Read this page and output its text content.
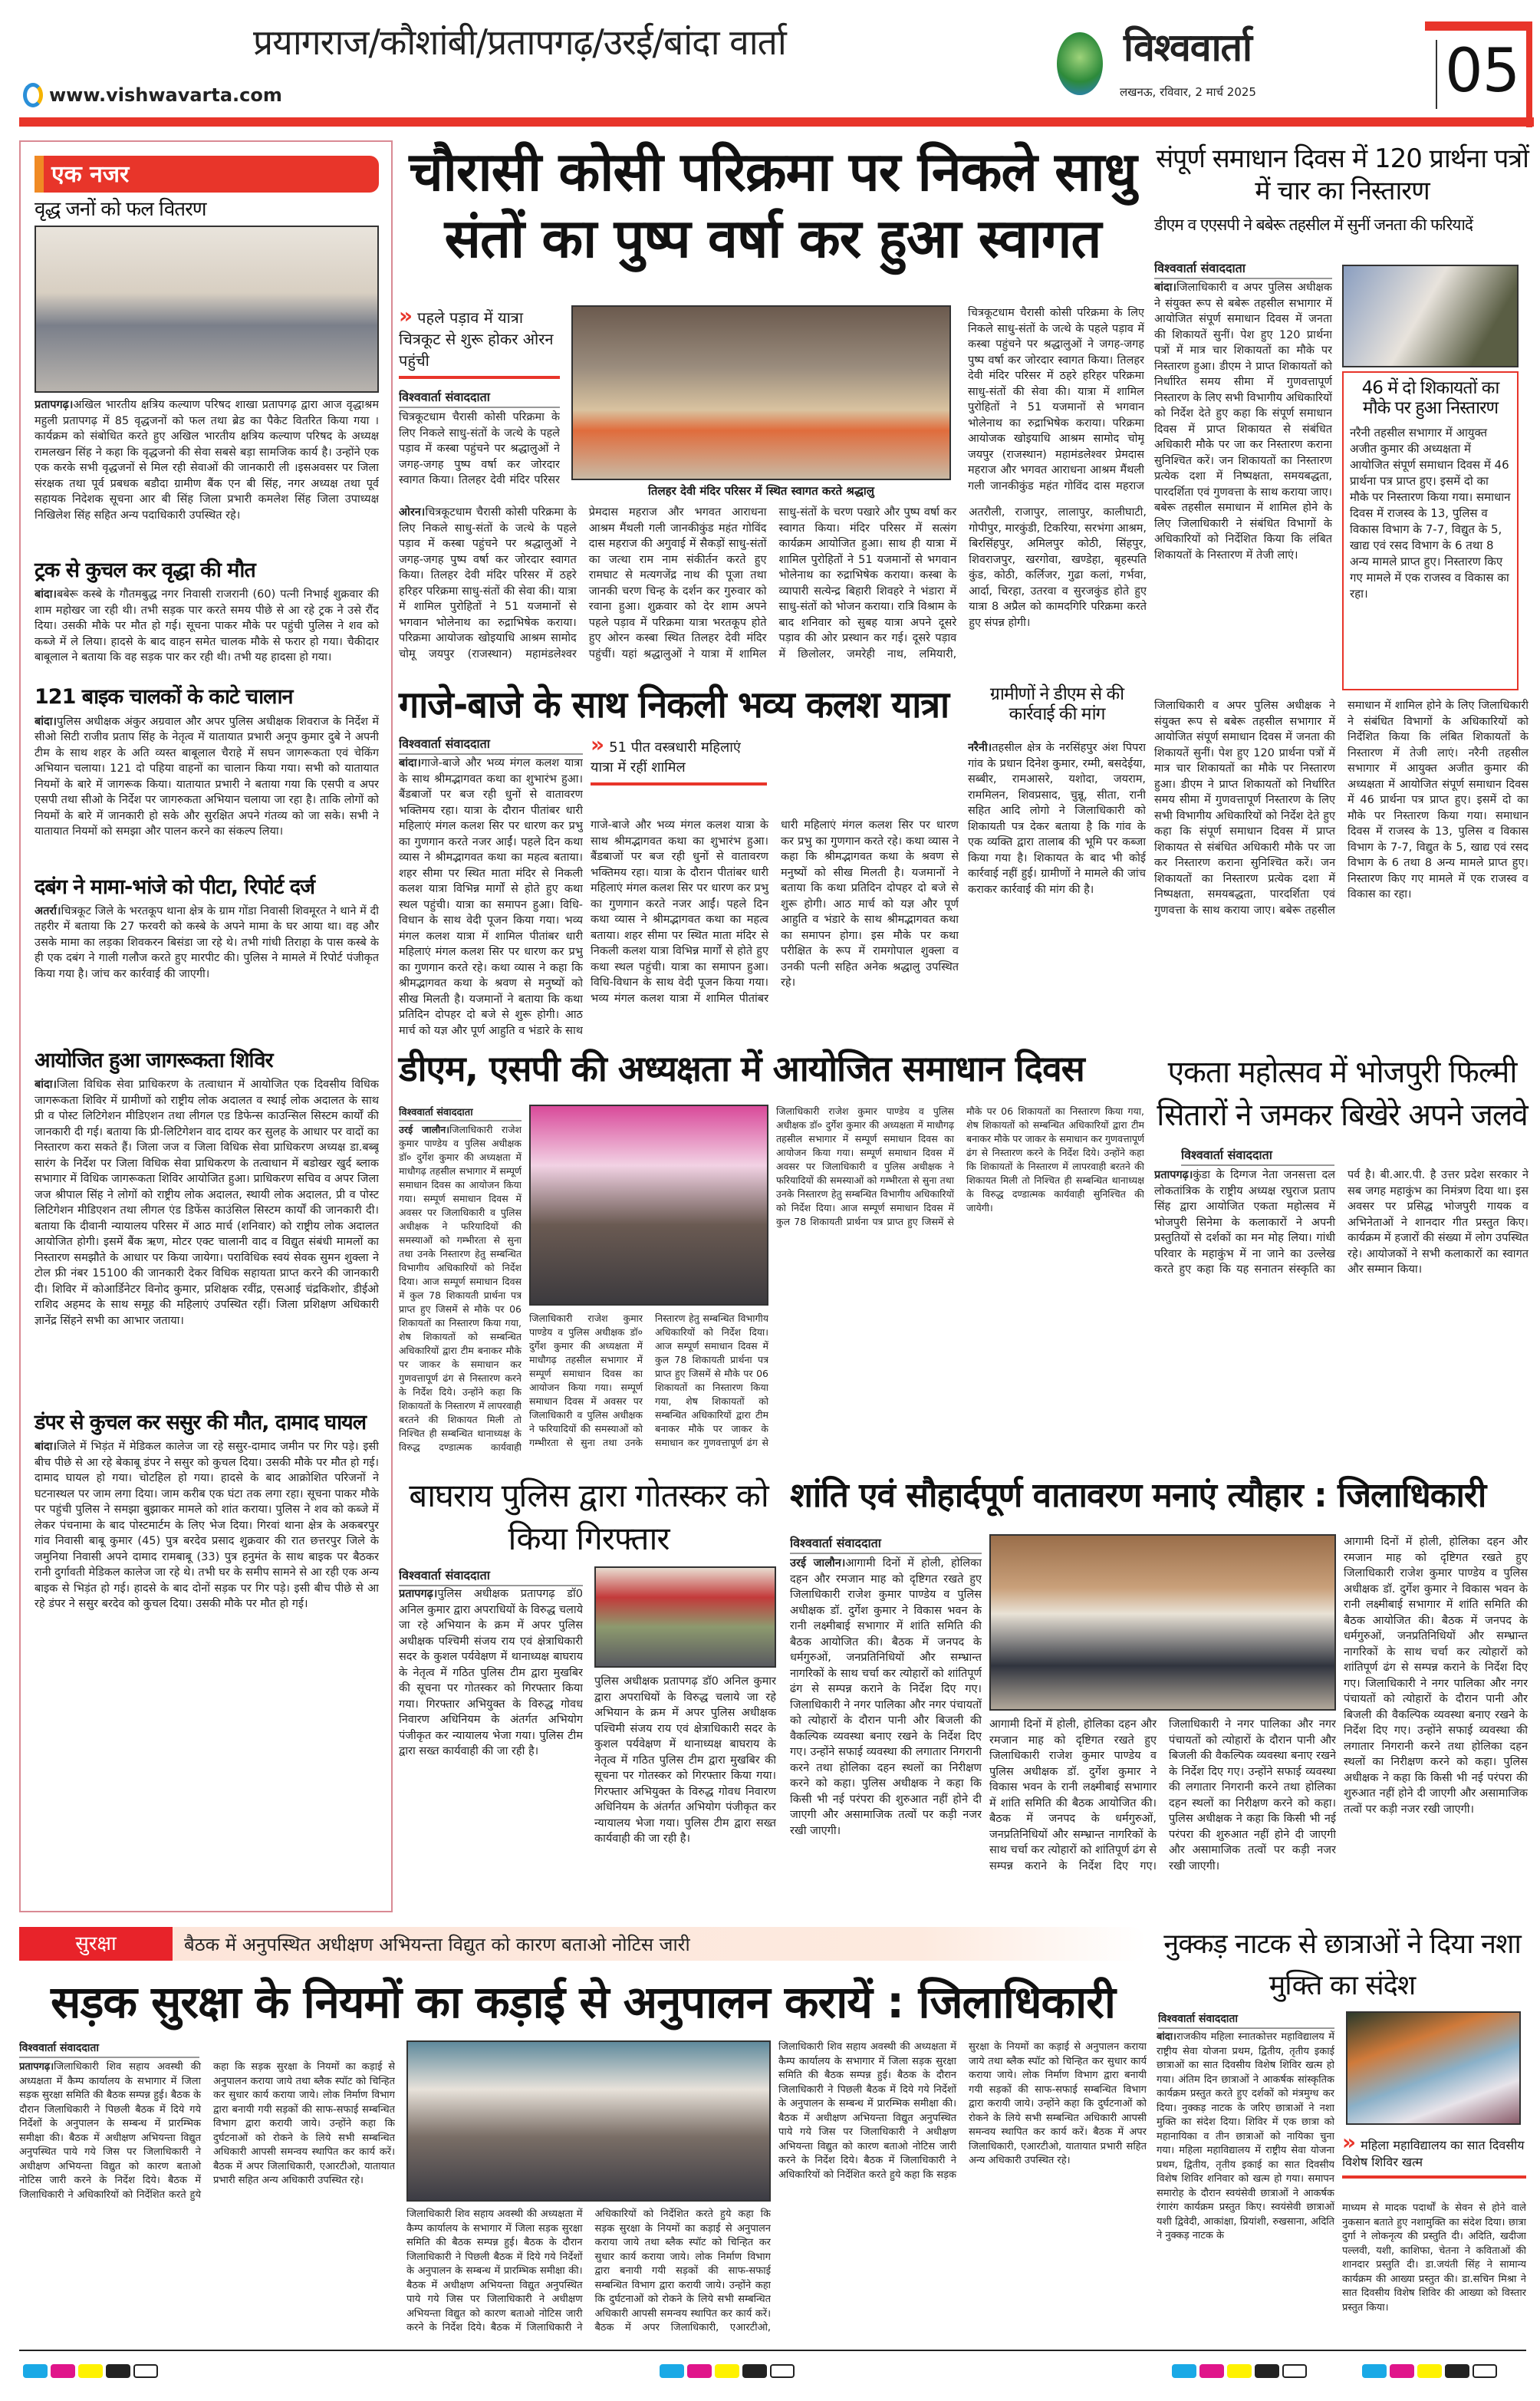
www.vishwavarta.com
प्रयागराज/कौशांबी/प्रतापगढ़/उरई/बांदा वार्ता	विश्ववार्ता
लखनऊ, रविवार, 2 मार्च 2025	05
एक नजर
वृद्ध जनों को फल वितरण
प्रतापगढ़।अखिल भारतीय क्षत्रिय कल्याण परिषद शाखा प्रतापगढ़ द्वारा आज वृद्धाश्रम महुली प्रतापगढ़ में 85 वृद्धजनों को फल तथा ब्रेड का पैकेट वितरित किया गया ।कार्यक्रम को संबोधित करते हुए अखिल भारतीय क्षत्रिय कल्याण परिषद के अध्यक्ष रामलखन सिंह ने कहा कि वृद्धजनो की सेवा सबसे बड़ा सामजिक कार्य है। उन्होंने एक एक करके सभी वृद्धजनों से मिल रही सेवाओं की जानकारी ली ।इसअवसर पर जिला संरक्षक तथा पूर्व प्रबधक बडौदा ग्रामीण बैंक एन बी सिंह, नगर अध्यक्ष तथा पूर्व सहायक निदेशक सूचना आर बी सिंह जिला प्रभारी कमलेश सिंह जिला उपाध्यक्ष निखिलेश सिंह सहित अन्य पदाधिकारी उपस्थित रहे।
ट्रक से कुचल कर वृद्धा की मौत
बांदा।बबेरू कस्बे के गौतमबुद्ध नगर निवासी राजरानी (60) पत्नी निभाई शुक्रवार की शाम महोखर जा रही थी। तभी सड़क पार करते समय पीछे से आ रहे ट्रक ने उसे रौंद दिया। उसकी मौके पर मौत हो गई। सूचना पाकर मौके पर पहुंची पुलिस ने शव को कब्जे में ले लिया। हादसे के बाद वाहन समेत चालक मौके से फरार हो गया। चैकीदार बाबूलाल ने बताया कि वह सड़क पार कर रही थी। तभी यह हादसा हो गया।
121 बाइक चालकों के काटे चालान
बांदा।पुलिस अधीक्षक अंकुर अग्रवाल और अपर पुलिस अधीक्षक शिवराज के निर्देश में सीओ सिटी राजीव प्रताप सिंह के नेतृत्व में यातायात प्रभारी अनूप कुमार दुबे ने अपनी टीम के साथ शहर के अति व्यस्त बाबूलाल चैराहे में सघन जागरूकता एवं चेकिंग अभियान चलाया। 121 दो पहिया वाहनों का चालान किया गया। सभी को यातायात नियमों के बारे में जागरूक किया। यातायात प्रभारी ने बताया गया कि एसपी व अपर एसपी तथा सीओ के निर्देश पर जागरुकता अभियान चलाया जा रहा है। ताकि लोगों को नियमों के बारे में जानकारी हो सके और सुरक्षित अपने गंतव्य को जा सके। सभी ने यातायात नियमों को समझा और पालन करने का संकल्प लिया।
दबंग ने मामा-भांजे को पीटा, रिपोर्ट दर्ज
अतर्रा।चित्रकूट जिले के भरतकूप थाना क्षेत्र के ग्राम गोंडा निवासी शिवमूरत ने थाने में दी तहरीर में बताया कि 27 फरवरी को कस्बे के अपने मामा के घर आया था। वह और उसके मामा का लड़का शिवकरन बिसंडा जा रहे थे। तभी गांधी तिराहा के पास कस्बे के ही एक दबंग ने गाली गलौज करते हुए मारपीट की। पुलिस ने मामले में रिपोर्ट पंजीकृत किया गया है। जांच कर कार्रवाई की जाएगी।
आयोजित हुआ जागरूकता शिविर
बांदा।जिला विधिक सेवा प्राधिकरण के तत्वाधान में आयोजित एक दिवसीय विधिक जागरूकता शिविर में ग्रामीणों को राष्ट्रीय लोक अदालत व स्थाई लोक अदालत के साथ प्री व पोस्ट लिटिगेशन मीडिएशन तथा लीगल एड डिफेन्स काउन्सिल सिस्टम कार्यों की जानकारी दी गई। बताया कि प्री-लिटिगेशन वाद दायर कर सुलह के आधार पर वादों का निस्तारण करा सकते हैं। जिला जज व जिला विधिक सेवा प्राधिकरण अध्यक्ष डा.बब्बू सारंग के निर्देश पर जिला विधिक सेवा प्राधिकरण के तत्वाधान में बडोखर खुर्द ब्लाक सभागार में विधिक जागरूकता शिविर आयोजित हुआ। प्राधिकरण सचिव व अपर जिला जज श्रीपाल सिंह ने लोगों को राष्ट्रीय लोक अदालत, स्थायी लोक अदालत, प्री व पोस्ट लिटिगेशन मीडिएशन तथा लीगल एंड डिफेंस काउंसिल सिस्टम कार्यों की जानकारी दी। बताया कि दीवानी न्यायालय परिसर में आठ मार्च (शनिवार) को राष्ट्रीय लोक अदालत आयोजित होगी। इसमें बैंक ऋण, मोटर एक्ट चालानी वाद व विद्युत संबंधी मामलों का निस्तारण समझौते के आधार पर किया जायेगा। पराविधिक स्वयं सेवक सुमन शुक्ला ने टोल फ्री नंबर 15100 की जानकारी देकर विधिक सहायता प्राप्त करने की जानकारी दी। शिविर में कोआर्डिनेटर विनोद कुमार, प्रशिक्षक रवींद्र, एसआई चंद्रकिशोर, डीईओ राशिद अहमद के साथ समूह की महिलाएं उपस्थित रहीं। जिला प्रशिक्षण अधिकारी ज्ञानेंद्र सिंहने सभी का आभार जताया।
डंपर से कुचल कर ससुर की मौत, दामाद घायल
बांदा।जिले में भिड़ंत में मेडिकल कालेज जा रहे ससुर-दामाद जमीन पर गिर पड़े। इसी बीच पीछे से आ रहे बेकाबू डंपर ने ससुर को कुचल दिया। उसकी मौके पर मौत हो गई। दामाद घायल हो गया। चोटहिल हो गया। हादसे के बाद आक्रोशित परिजनों ने घटनास्थल पर जाम लगा दिया। जाम करीब एक घंटा तक लगा रहा। सूचना पाकर मौके पर पहुंची पुलिस ने समझा बुझाकर मामले को शांत कराया। पुलिस ने शव को कब्जे में लेकर पंचनामा के बाद पोस्टमार्टम के लिए भेज दिया। गिरवां थाना क्षेत्र के अकबरपुर गांव निवासी बाबू कुमार (45) पुत्र बरदेव प्रसाद शुक्रवार की रात छत्तरपुर जिले के जमुनिया निवासी अपने दामाद रामबाबू (33) पुत्र हनुमंत के साथ बाइक पर बैठकर रानी दुर्गावती मेडिकल कालेज जा रहे थे। तभी घर के समीप सामने से आ रही एक अन्य बाइक से भिड़ंत हो गई। हादसे के बाद दोनों सड़क पर गिर पड़े। इसी बीच पीछे से आ रहे डंपर ने ससुर बरदेव को कुचल दिया। उसकी मौके पर मौत हो गई।
चौरासी कोसी परिक्रमा पर निकले साधु
संतों का पुष्प वर्षा कर हुआ स्वागत
» पहले पड़ाव में यात्रा चित्रकूट से शुरू होकर ओरन पहुंची
विश्ववार्ता संवाददाता
चित्रकूटधाम चैरासी कोसी परिक्रमा के लिए निकले साधु-संतों के जत्थे के पहले पड़ाव में कस्बा पहुंचने पर श्रद्धालुओं ने जगह-जगह पुष्प वर्षा कर जोरदार स्वागत किया। तिलहर देवी मंदिर परिसर
तिलहर देवी मंदिर परिसर में स्थित स्वागत करते श्रद्धालु
ओरन।चित्रकूटधाम चैरासी कोसी परिक्रमा के लिए निकले साधु-संतों के जत्थे के पहले पड़ाव में कस्बा पहुंचने पर श्रद्धालुओं ने जगह-जगह पुष्प वर्षा कर जोरदार स्वागत किया। तिलहर देवी मंदिर परिसर में ठहरे हरिहर परिक्रमा साधु-संतों की सेवा की। यात्रा में शामिल पुरोहितों ने 51 यजमानों से भगवान भोलेनाथ का रुद्राभिषेक कराया। परिक्रमा आयोजक खोइयाधि आश्रम सामोद चोमू जयपुर (राजस्थान) महामंडलेश्वर प्रेमदास महराज और भगवत आराधना आश्रम मैंथली गली जानकीकुंड महंत गोविंद दास महराज की अगुवाई में सैकड़ों साधु-संतों का जत्था राम नाम संकीर्तन करते हुए रामघाट से मत्यगजेंद्र नाथ की पूजा तथा जानकी चरण चिन्ह के दर्शन कर गुरुवार को रवाना हुआ। शुक्रवार को देर शाम अपने पहले पड़ाव में परिक्रमा यात्रा भरतकूप होते हुए ओरन कस्बा स्थित तिलहर देवी मंदिर पहुंचीं। यहां श्रद्धालुओं ने यात्रा में शामिल साधु-संतों के चरण पखारे और पुष्प वर्षा कर स्वागत किया। मंदिर परिसर में सत्संग कार्यक्रम आयोजित हुआ। साथ ही यात्रा में शामिल पुरोहितों ने 51 यजमानों से भगवान भोलेनाथ का रुद्राभिषेक कराया। कस्बा के व्यापारी सत्येन्द्र बिहारी शिवहरे ने भंडारा में साधु-संतों को भोजन कराया। रात्रि विश्राम के बाद शनिवार को सुबह यात्रा अपने दूसरे पड़ाव की ओर प्रस्थान कर गई। दूसरे पड़ाव में छिलोलर, जमरेही नाथ, लमियारी, अतरौली, राजापुर, लालापुर, कालीघाटी, गोपीपुर, मारकुंडी, टिकरिया, सरभंगा आश्रम, बिरसिंहपुर, अमिलपुर कोठी, सिंहपुर, शिवराजपुर, खरगोवा, खण्डेहा, बृहस्पति कुंड, कोठी, कर्लिजर, गुढा कलां, गर्भवा, आर्दा, चिरहा, उतरवा व सुरजकुंड होते हुए यात्रा 8 अप्रैल को कामदगिरि परिक्रमा करते हुए संपन्न होगी।
चित्रकूटधाम चैरासी कोसी परिक्रमा के लिए निकले साधु-संतों के जत्थे के पहले पड़ाव में कस्बा पहुंचने पर श्रद्धालुओं ने जगह-जगह पुष्प वर्षा कर जोरदार स्वागत किया। तिलहर देवी मंदिर परिसर में ठहरे हरिहर परिक्रमा साधु-संतों की सेवा की। यात्रा में शामिल पुरोहितों ने 51 यजमानों से भगवान भोलेनाथ का रुद्राभिषेक कराया। परिक्रमा आयोजक खोइयाधि आश्रम सामोद चोमू जयपुर (राजस्थान) महामंडलेश्वर प्रेमदास महराज और भगवत आराधना आश्रम मैंथली गली जानकीकुंड महंत गोविंद दास महराज
संपूर्ण समाधान दिवस में 120 प्रार्थना पत्रों में चार का निस्तारण
डीएम व एएसपी ने बबेरू तहसील में सुनीं जनता की फरियादें
विश्ववार्ता संवाददाता
बांदा।जिलाधिकारी व अपर पुलिस अधीक्षक ने संयुक्त रूप से बबेरू तहसील सभागार में आयोजित संपूर्ण समाधान दिवस में जनता की शिकायतें सुनीं। पेश हुए 120 प्रार्थना पत्रों में मात्र चार शिकायतों का मौके पर निस्तारण हुआ। डीएम ने प्राप्त शिकायतों को निर्धारित समय सीमा में गुणवत्तापूर्ण निस्तारण के लिए सभी विभागीय अधिकारियों को निर्देश देते हुए कहा कि संपूर्ण समाधान दिवस में प्राप्त शिकायत से संबंधित अधिकारी मौके पर जा कर निस्तारण कराना सुनिश्चित करें। जन शिकायतों का निस्तारण प्रत्येक दशा में निष्पक्षता, समयबद्धता, पारदर्शिता एवं गुणवत्ता के साथ कराया जाए। बबेरू तहसील समाधान में शामिल होने के लिए जिलाधिकारी ने संबंधित विभागों के अधिकारियों को निर्देशित किया कि लंबित शिकायतों के निस्तारण में तेजी लाएं।
46 में दो शिकायतों का मौके पर हुआ निस्तारण
नरैनी तहसील सभागार में आयुक्त अजीत कुमार की अध्यक्षता में आयोजित संपूर्ण समाधान दिवस में 46 प्रार्थना पत्र प्राप्त हुए। इसमें दो का मौके पर निस्तारण किया गया। समाधान दिवस में राजस्व के 13, पुलिस व विकास विभाग के 7-7, विद्युत के 5, खाद्य एवं रसद विभाग के 6 तथा 8 अन्य मामले प्राप्त हुए। निस्तारण किए गए मामले में एक राजस्व व विकास का रहा।
जिलाधिकारी व अपर पुलिस अधीक्षक ने संयुक्त रूप से बबेरू तहसील सभागार में आयोजित संपूर्ण समाधान दिवस में जनता की शिकायतें सुनीं। पेश हुए 120 प्रार्थना पत्रों में मात्र चार शिकायतों का मौके पर निस्तारण हुआ। डीएम ने प्राप्त शिकायतों को निर्धारित समय सीमा में गुणवत्तापूर्ण निस्तारण के लिए सभी विभागीय अधिकारियों को निर्देश देते हुए कहा कि संपूर्ण समाधान दिवस में प्राप्त शिकायत से संबंधित अधिकारी मौके पर जा कर निस्तारण कराना सुनिश्चित करें। जन शिकायतों का निस्तारण प्रत्येक दशा में निष्पक्षता, समयबद्धता, पारदर्शिता एवं गुणवत्ता के साथ कराया जाए। बबेरू तहसील समाधान में शामिल होने के लिए जिलाधिकारी ने संबंधित विभागों के अधिकारियों को निर्देशित किया कि लंबित शिकायतों के निस्तारण में तेजी लाएं। नरैनी तहसील सभागार में आयुक्त अजीत कुमार की अध्यक्षता में आयोजित संपूर्ण समाधान दिवस में 46 प्रार्थना पत्र प्राप्त हुए। इसमें दो का मौके पर निस्तारण किया गया। समाधान दिवस में राजस्व के 13, पुलिस व विकास विभाग के 7-7, विद्युत के 5, खाद्य एवं रसद विभाग के 6 तथा 8 अन्य मामले प्राप्त हुए। निस्तारण किए गए मामले में एक राजस्व व विकास का रहा।
गाजे-बाजे के साथ निकली भव्य कलश यात्रा
विश्ववार्ता संवाददाता	» 51 पीत वस्त्रधारी महिलाएं यात्रा में रहीं शामिल
बांदा।गाजे-बाजे और भव्य मंगल कलश यात्रा के साथ श्रीमद्भागवत कथा का शुभारंभ हुआ। बैंडबाजों पर बज रही धुनों से वातावरण भक्तिमय रहा। यात्रा के दौरान पीतांबर धारी महिलाएं मंगल कलश सिर पर धारण कर प्रभु का गुणगान करते नजर आईं। पहले दिन कथा व्यास ने श्रीमद्भागवत कथा का महत्व बताया। शहर सीमा पर स्थित माता मंदिर से निकली कलश यात्रा विभिन्न मार्गों से होते हुए कथा स्थल पहुंची। यात्रा का समापन हुआ। विधि-विधान के साथ वेदी पूजन किया गया। भव्य मंगल कलश यात्रा में शामिल पीतांबर धारी महिलाएं मंगल कलश सिर पर धारण कर प्रभु का गुणगान करते रहे। कथा व्यास ने कहा कि श्रीमद्भागवत कथा के श्रवण से मनुष्यों को सीख मिलती है। यजमानों ने बताया कि कथा प्रतिदिन दोपहर दो बजे से शुरू होगी। आठ मार्च को यज्ञ और पूर्ण आहुति व भंडारे के साथ
गाजे-बाजे और भव्य मंगल कलश यात्रा के साथ श्रीमद्भागवत कथा का शुभारंभ हुआ। बैंडबाजों पर बज रही धुनों से वातावरण भक्तिमय रहा। यात्रा के दौरान पीतांबर धारी महिलाएं मंगल कलश सिर पर धारण कर प्रभु का गुणगान करते नजर आईं। पहले दिन कथा व्यास ने श्रीमद्भागवत कथा का महत्व बताया। शहर सीमा पर स्थित माता मंदिर से निकली कलश यात्रा विभिन्न मार्गों से होते हुए कथा स्थल पहुंची। यात्रा का समापन हुआ। विधि-विधान के साथ वेदी पूजन किया गया। भव्य मंगल कलश यात्रा में शामिल पीतांबर धारी महिलाएं मंगल कलश सिर पर धारण कर प्रभु का गुणगान करते रहे। कथा व्यास ने कहा कि श्रीमद्भागवत कथा के श्रवण से मनुष्यों को सीख मिलती है। यजमानों ने बताया कि कथा प्रतिदिन दोपहर दो बजे से शुरू होगी। आठ मार्च को यज्ञ और पूर्ण आहुति व भंडारे के साथ श्रीमद्भागवत कथा का समापन होगा। इस मौके पर कथा परीक्षित के रूप में रामगोपाल शुक्ला व उनकी पत्नी सहित अनेक श्रद्धालु उपस्थित रहे।
ग्रामीणों ने डीएम से की कार्रवाई की मांग
नरैनी।तहसील क्षेत्र के नरसिंहपुर अंश पिपरा गांव के प्रधान दिनेश कुमार, रम्मी, बसदेईया, सब्बीर, रामआसरे, यशोदा, जयराम, राममिलन, शिवप्रसाद, चुन्नू, सीता, रानी सहित आदि लोगो ने जिलाधिकारी को शिकायती पत्र देकर बताया है कि गांव के एक व्यक्ति द्वारा तालाब की भूमि पर कब्जा किया गया है। शिकायत के बाद भी कोई कार्रवाई नहीं हुई। ग्रामीणों ने मामले की जांच कराकर कार्रवाई की मांग की है।
डीएम, एसपी की अध्यक्षता में आयोजित समाधान दिवस
विश्ववार्ता संवाददाता
उरई जालौन।जिलाधिकारी राजेश कुमार पाण्डेय व पुलिस अधीक्षक डॉ० दुर्गेश कुमार की अध्यक्षता में माधौगढ़ तहसील सभागार में सम्पूर्ण समाधान दिवस का आयोजन किया गया। सम्पूर्ण समाधान दिवस में अवसर पर जिलाधिकारी व पुलिस अधीक्षक ने फरियादियों की समस्याओं को गम्भीरता से सुना तथा उनके निस्तारण हेतु सम्बन्धित विभागीय अधिकारियों को निर्देश दिया। आज सम्पूर्ण समाधान दिवस में कुल 78 शिकायती प्रार्थना पत्र प्राप्त हुए जिसमें से मौके पर 06 शिकायतों का निस्तारण किया गया, शेष शिकायतों को सम्बन्धित अधिकारियों द्वारा टीम बनाकर मौके पर जाकर के समाधान कर गुणवत्तापूर्ण ढंग से निस्तारण करने के निर्देश दिये। उन्होंने कहा कि शिकायतों के निस्तारण में लापरवाही बरतने की शिकायत मिली तो निश्चित ही सम्बन्धित थानाध्यक्ष के विरुद्ध दण्डात्मक कार्यवाही
जिलाधिकारी राजेश कुमार पाण्डेय व पुलिस अधीक्षक डॉ० दुर्गेश कुमार की अध्यक्षता में माधौगढ़ तहसील सभागार में सम्पूर्ण समाधान दिवस का आयोजन किया गया। सम्पूर्ण समाधान दिवस में अवसर पर जिलाधिकारी व पुलिस अधीक्षक ने फरियादियों की समस्याओं को गम्भीरता से सुना तथा उनके निस्तारण हेतु सम्बन्धित विभागीय अधिकारियों को निर्देश दिया। आज सम्पूर्ण समाधान दिवस में कुल 78 शिकायती प्रार्थना पत्र प्राप्त हुए जिसमें से मौके पर 06 शिकायतों का निस्तारण किया गया, शेष शिकायतों को सम्बन्धित अधिकारियों द्वारा टीम बनाकर मौके पर जाकर के समाधान कर गुणवत्तापूर्ण ढंग से
जिलाधिकारी राजेश कुमार पाण्डेय व पुलिस अधीक्षक डॉ० दुर्गेश कुमार की अध्यक्षता में माधौगढ़ तहसील सभागार में सम्पूर्ण समाधान दिवस का आयोजन किया गया। सम्पूर्ण समाधान दिवस में अवसर पर जिलाधिकारी व पुलिस अधीक्षक ने फरियादियों की समस्याओं को गम्भीरता से सुना तथा उनके निस्तारण हेतु सम्बन्धित विभागीय अधिकारियों को निर्देश दिया। आज सम्पूर्ण समाधान दिवस में कुल 78 शिकायती प्रार्थना पत्र प्राप्त हुए जिसमें से मौके पर 06 शिकायतों का निस्तारण किया गया, शेष शिकायतों को सम्बन्धित अधिकारियों द्वारा टीम बनाकर मौके पर जाकर के समाधान कर गुणवत्तापूर्ण ढंग से निस्तारण करने के निर्देश दिये। उन्होंने कहा कि शिकायतों के निस्तारण में लापरवाही बरतने की शिकायत मिली तो निश्चित ही सम्बन्धित थानाध्यक्ष के विरुद्ध दण्डात्मक कार्यवाही सुनिश्चित की जायेगी।
एकता महोत्सव में भोजपुरी फिल्मी सितारों ने जमकर बिखेरे अपने जलवे
विश्ववार्ता संवाददाता
प्रतापगढ़।कुंडा के दिग्गज नेता जनसत्ता दल लोकतांत्रिक के राष्ट्रीय अध्यक्ष रघुराज प्रताप सिंह द्वारा आयोजित एकता महोत्सव में भोजपुरी सिनेमा के कलाकारों ने अपनी प्रस्तुतियों से दर्शकों का मन मोह लिया। गांधी परिवार के महाकुंभ में ना जाने का उल्लेख करते हुए कहा कि यह सनातन संस्कृति का पर्व है। बी.आर.पी. है उत्तर प्रदेश सरकार ने सब जगह महाकुंभ का निमंत्रण दिया था। इस अवसर पर प्रसिद्ध भोजपुरी गायक व अभिनेताओं ने शानदार गीत प्रस्तुत किए। कार्यक्रम में हजारों की संख्या में लोग उपस्थित रहे। आयोजकों ने सभी कलाकारों का स्वागत और सम्मान किया।
बाघराय पुलिस द्वारा गोतस्कर को किया गिरफ्तार
विश्ववार्ता संवाददाता
प्रतापगढ़।पुलिस अधीक्षक प्रतापगढ़ डॉ0 अनिल कुमार द्वारा अपराधियों के विरुद्ध चलाये जा रहे अभियान के क्रम में अपर पुलिस अधीक्षक पश्चिमी संजय राय एवं क्षेत्राधिकारी सदर के कुशल पर्यवेक्षण में थानाध्यक्ष बाघराय के नेतृत्व में गठित पुलिस टीम द्वारा मुखबिर की सूचना पर गोतस्कर को गिरफ्तार किया गया। गिरफ्तार अभियुक्त के विरुद्ध गोवध निवारण अधिनियम के अंतर्गत अभियोग पंजीकृत कर न्यायालय भेजा गया। पुलिस टीम द्वारा सख्त कार्यवाही की जा रही है।
पुलिस अधीक्षक प्रतापगढ़ डॉ0 अनिल कुमार द्वारा अपराधियों के विरुद्ध चलाये जा रहे अभियान के क्रम में अपर पुलिस अधीक्षक पश्चिमी संजय राय एवं क्षेत्राधिकारी सदर के कुशल पर्यवेक्षण में थानाध्यक्ष बाघराय के नेतृत्व में गठित पुलिस टीम द्वारा मुखबिर की सूचना पर गोतस्कर को गिरफ्तार किया गया। गिरफ्तार अभियुक्त के विरुद्ध गोवध निवारण अधिनियम के अंतर्गत अभियोग पंजीकृत कर न्यायालय भेजा गया। पुलिस टीम द्वारा सख्त कार्यवाही की जा रही है।
शांति एवं सौहार्दपूर्ण वातावरण मनाएं त्यौहार : जिलाधिकारी
विश्ववार्ता संवाददाता
उरई जालौन।आगामी दिनों में होली, होलिका दहन और रमजान माह को दृष्टिगत रखते हुए जिलाधिकारी राजेश कुमार पाण्डेय व पुलिस अधीक्षक डॉ. दुर्गेश कुमार ने विकास भवन के रानी लक्ष्मीबाई सभागार में शांति समिति की बैठक आयोजित की। बैठक में जनपद के धर्मगुरुओं, जनप्रतिनिधियों और सम्भ्रान्त नागरिकों के साथ चर्चा कर त्योहारों को शांतिपूर्ण ढंग से सम्पन्न कराने के निर्देश दिए गए। जिलाधिकारी ने नगर पालिका और नगर पंचायतों को त्योहारों के दौरान पानी और बिजली की वैकल्पिक व्यवस्था बनाए रखने के निर्देश दिए गए। उन्होंने सफाई व्यवस्था की लगातार निगरानी करने तथा होलिका दहन स्थलों का निरीक्षण करने को कहा। पुलिस अधीक्षक ने कहा कि किसी भी नई परंपरा की शुरुआत नहीं होने दी जाएगी और असामाजिक तत्वों पर कड़ी नजर रखी जाएगी।
आगामी दिनों में होली, होलिका दहन और रमजान माह को दृष्टिगत रखते हुए जिलाधिकारी राजेश कुमार पाण्डेय व पुलिस अधीक्षक डॉ. दुर्गेश कुमार ने विकास भवन के रानी लक्ष्मीबाई सभागार में शांति समिति की बैठक आयोजित की। बैठक में जनपद के धर्मगुरुओं, जनप्रतिनिधियों और सम्भ्रान्त नागरिकों के साथ चर्चा कर त्योहारों को शांतिपूर्ण ढंग से सम्पन्न कराने के निर्देश दिए गए। जिलाधिकारी ने नगर पालिका और नगर पंचायतों को त्योहारों के दौरान पानी और बिजली की वैकल्पिक व्यवस्था बनाए रखने के निर्देश दिए गए। उन्होंने सफाई व्यवस्था की लगातार निगरानी करने तथा होलिका दहन स्थलों का निरीक्षण करने को कहा। पुलिस अधीक्षक ने कहा कि किसी भी नई परंपरा की शुरुआत नहीं होने दी जाएगी और असामाजिक तत्वों पर कड़ी नजर रखी जाएगी।
आगामी दिनों में होली, होलिका दहन और रमजान माह को दृष्टिगत रखते हुए जिलाधिकारी राजेश कुमार पाण्डेय व पुलिस अधीक्षक डॉ. दुर्गेश कुमार ने विकास भवन के रानी लक्ष्मीबाई सभागार में शांति समिति की बैठक आयोजित की। बैठक में जनपद के धर्मगुरुओं, जनप्रतिनिधियों और सम्भ्रान्त नागरिकों के साथ चर्चा कर त्योहारों को शांतिपूर्ण ढंग से सम्पन्न कराने के निर्देश दिए गए। जिलाधिकारी ने नगर पालिका और नगर पंचायतों को त्योहारों के दौरान पानी और बिजली की वैकल्पिक व्यवस्था बनाए रखने के निर्देश दिए गए। उन्होंने सफाई व्यवस्था की लगातार निगरानी करने तथा होलिका दहन स्थलों का निरीक्षण करने को कहा। पुलिस अधीक्षक ने कहा कि किसी भी नई परंपरा की शुरुआत नहीं होने दी जाएगी और असामाजिक तत्वों पर कड़ी नजर रखी जाएगी।
सुरक्षा	बैठक में अनुपस्थित अधीक्षण अभियन्ता विद्युत को कारण बताओ नोटिस जारी
सड़क सुरक्षा के नियमों का कड़ाई से अनुपालन करायें : जिलाधिकारी
विश्ववार्ता संवाददाता
प्रतापगढ़।जिलाधिकारी शिव सहाय अवस्थी की अध्यक्षता में कैम्प कार्यालय के सभागार में जिला सड़क सुरक्षा समिति की बैठक सम्पन्न हुई। बैठक के दौरान जिलाधिकारी ने पिछली बैठक में दिये गये निर्देशों के अनुपालन के सम्बन्ध में प्रारम्भिक समीक्षा की। बैठक में अधीक्षण अभियन्ता विद्युत अनुपस्थित पाये गये जिस पर जिलाधिकारी ने अधीक्षण अभियन्ता विद्युत को कारण बताओ नोटिस जारी करने के निर्देश दिये। बैठक में जिलाधिकारी ने अधिकारियों को निर्देशित करते हुये कहा कि सड़क सुरक्षा के नियमों का कड़ाई से अनुपालन कराया जाये तथा ब्लैक स्पॉट को चिन्हित कर सुधार कार्य कराया जाये। लोक निर्माण विभाग द्वारा बनायी गयी सड़कों की साफ-सफाई सम्बन्धित विभाग द्वारा करायी जाये। उन्होंने कहा कि दुर्घटनाओं को रोकने के लिये सभी सम्बन्धित अधिकारी आपसी समन्वय स्थापित कर कार्य करें। बैठक में अपर जिलाधिकारी, एआरटीओ, यातायात प्रभारी सहित अन्य अधिकारी उपस्थित रहे।
जिलाधिकारी शिव सहाय अवस्थी की अध्यक्षता में कैम्प कार्यालय के सभागार में जिला सड़क सुरक्षा समिति की बैठक सम्पन्न हुई। बैठक के दौरान जिलाधिकारी ने पिछली बैठक में दिये गये निर्देशों के अनुपालन के सम्बन्ध में प्रारम्भिक समीक्षा की। बैठक में अधीक्षण अभियन्ता विद्युत अनुपस्थित पाये गये जिस पर जिलाधिकारी ने अधीक्षण अभियन्ता विद्युत को कारण बताओ नोटिस जारी करने के निर्देश दिये। बैठक में जिलाधिकारी ने अधिकारियों को निर्देशित करते हुये कहा कि सड़क सुरक्षा के नियमों का कड़ाई से अनुपालन कराया जाये तथा ब्लैक स्पॉट को चिन्हित कर सुधार कार्य कराया जाये। लोक निर्माण विभाग द्वारा बनायी गयी सड़कों की साफ-सफाई सम्बन्धित विभाग द्वारा करायी जाये। उन्होंने कहा कि दुर्घटनाओं को रोकने के लिये सभी सम्बन्धित अधिकारी आपसी समन्वय स्थापित कर कार्य करें। बैठक में अपर जिलाधिकारी, एआरटीओ,
जिलाधिकारी शिव सहाय अवस्थी की अध्यक्षता में कैम्प कार्यालय के सभागार में जिला सड़क सुरक्षा समिति की बैठक सम्पन्न हुई। बैठक के दौरान जिलाधिकारी ने पिछली बैठक में दिये गये निर्देशों के अनुपालन के सम्बन्ध में प्रारम्भिक समीक्षा की। बैठक में अधीक्षण अभियन्ता विद्युत अनुपस्थित पाये गये जिस पर जिलाधिकारी ने अधीक्षण अभियन्ता विद्युत को कारण बताओ नोटिस जारी करने के निर्देश दिये। बैठक में जिलाधिकारी ने अधिकारियों को निर्देशित करते हुये कहा कि सड़क सुरक्षा के नियमों का कड़ाई से अनुपालन कराया जाये तथा ब्लैक स्पॉट को चिन्हित कर सुधार कार्य कराया जाये। लोक निर्माण विभाग द्वारा बनायी गयी सड़कों की साफ-सफाई सम्बन्धित विभाग द्वारा करायी जाये। उन्होंने कहा कि दुर्घटनाओं को रोकने के लिये सभी सम्बन्धित अधिकारी आपसी समन्वय स्थापित कर कार्य करें। बैठक में अपर जिलाधिकारी, एआरटीओ, यातायात प्रभारी सहित अन्य अधिकारी उपस्थित रहे।
नुक्कड़ नाटक से छात्राओं ने दिया नशा मुक्ति का संदेश
विश्ववार्ता संवाददाता
बांदा।राजकीय महिला स्नातकोत्तर महाविद्यालय में राष्ट्रीय सेवा योजना प्रथम, द्वितीय, तृतीय इकाई छात्राओं का सात दिवसीय विशेष शिविर खत्म हो गया। अंतिम दिन छात्राओं ने आकर्षक सांस्कृतिक कार्यक्रम प्रस्तुत करते हुए दर्शकों को मंत्रमुग्ध कर दिया। नुक्कड़ नाटक के जरिए छात्राओं ने नशा मुक्ति का संदेश दिया। शिविर में एक छात्रा को महानायिका व तीन छात्राओं को नायिका चुना गया। महिला महाविद्यालय में राष्ट्रीय सेवा योजना प्रथम, द्वितीय, तृतीय इकाई का सात दिवसीय विशेष शिविर शनिवार को खत्म हो गया। समापन समारोह के दौरान स्वयंसेवी छात्राओं ने आकर्षक रंगारंग कार्यक्रम प्रस्तुत किए। स्वयंसेवी छात्राओं यशी द्विवेदी, आकांक्षा, प्रियांशी, रुखसाना, अदिति ने नुक्कड़ नाटक के
» महिला महाविद्यालय का सात दिवसीय विशेष शिविर खत्म
माध्यम से मादक पदार्थों के सेवन से होने वाले नुकसान बताते हुए नशामुक्ति का संदेश दिया। छात्रा दुर्गा ने लोकनृत्य की प्रस्तुति दी। अदिति, खदीजा पल्लवी, यशी, काशिफा, चेतना ने कविताओं की शानदार प्रस्तुति दी। डा.जयंती सिंह ने सामान्य कार्यक्रम की आख्या प्रस्तुत की। डा.सचिन मिश्रा ने सात दिवसीय विशेष शिविर की आख्या को विस्तार प्रस्तुत किया।
